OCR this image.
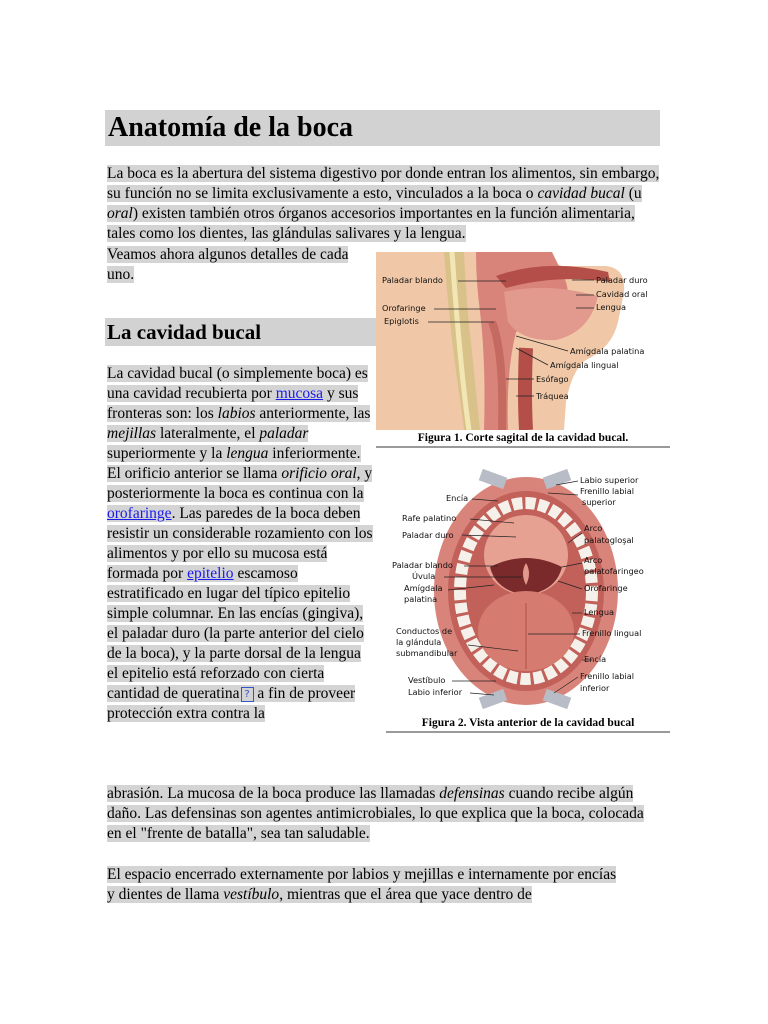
Anatomía de la boca

La boca es la abertura del sistema digestivo por donde entran los alimentos, sin embargo, su función no se limita exclusivamente a esto, vinculados a la boca o cavidad bucal (u oral) existen también otros órganos accesorios importantes en la función alimentaria, tales como los dientes, las glándulas salivares y la lengua.

Veamos ahora algunos detalles de cada uno.

La cavidad bucal

La cavidad bucal (o simplemente boca) es una cavidad recubierta por mucosa y sus fronteras son: los labios anteriormente, las mejillas lateralmente, el paladar superiormente y la lengua inferiormente. El orificio anterior se llama orificio oral, y posteriormente la boca es continua con la orofaringe. Las paredes de la boca deben resistir un considerable rozamiento con los alimentos y por ello su mucosa está formada por epitelio escamoso estratificado en lugar del típico epitelio simple columnar. En las encías (gingiva), el paladar duro (la parte anterior del cielo de la boca), y la parte dorsal de la lengua el epitelio está reforzado con cierta cantidad de queratina ? a fin de proveer protección extra contra la

abrasión. La mucosa de la boca produce las llamadas defensinas cuando recibe algún daño. Las defensinas son agentes antimicrobiales, lo que explica que la boca, colocada en el "frente de batalla", sea tan saludable.

El espacio encerrado externamente por labios y mejillas e internamente por encías y dientes de llama vestíbulo, mientras que el área que yace dentro de

Paladar blando
Orofaringe
Epiglotis
Paladar duro
Cavidad oral
Lengua
Amígdala palatina
Amígdala lingual
Esófago
Tráquea
Figura 1. Corte sagital de la cavidad bucal.
Encía
Rafe palatino
Paladar duro
Paladar blando
Úvula
Amígdala
palatina
Conductos de
la glándula
submandibular
Vestíbulo
Labio inferior
Labio superior
Frenillo labial
superior
Arco
palatogloşal
Arco
palatofaringeo
Orofaringe
Lengua
Frenillo lingual
Encía
Frenillo labial
inferior
Figura 2. Vista anterior de la cavidad bucal
